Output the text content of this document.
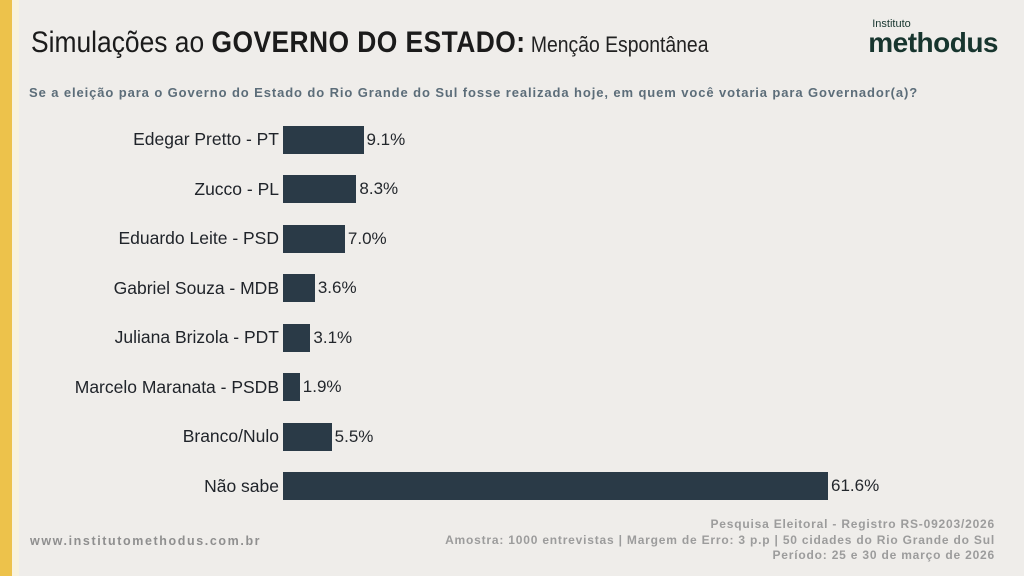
Simulações ao GOVERNO DO ESTADO: Menção Espontânea
Instituto
methodus
Se a eleição para o Governo do Estado do Rio Grande do Sul fosse realizada hoje, em quem você votaria para Governador(a)?
Edegar Pretto - PT	9.1%
Zucco - PL	8.3%
Eduardo Leite - PSD	7.0%
Gabriel Souza - MDB 3.6%
Juliana Brizola - PDT 3.1%
Marcelo Maranata - PSDB 1.9%
Branco/Nulo	5.5%
Não sabe	61.6%
www.institutomethodus.com.br
Pesquisa Eleitoral - Registro RS-09203/2026
Amostra: 1000 entrevistas | Margem de Erro: 3 p.p | 50 cidades do Rio Grande do Sul
Período: 25 e 30 de março de 2026
